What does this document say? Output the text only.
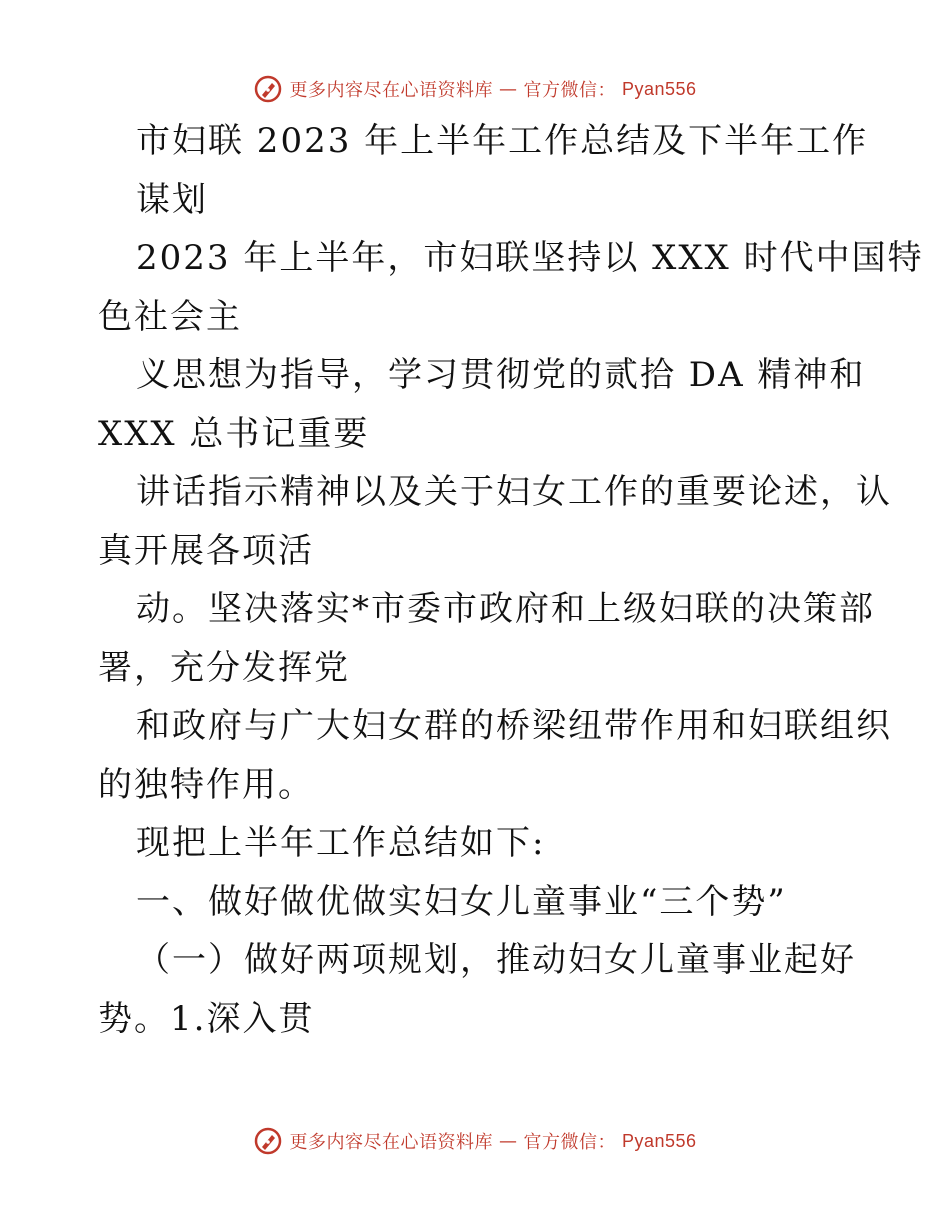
更多内容尽在心语资料库 — 官方微信： Pyan556
市妇联 2023 年上半年工作总结及下半年工作
谋划
2023 年上半年，市妇联坚持以 XXX 时代中国特
色社会主
义思想为指导，学习贯彻党的贰拾 DA 精神和
XXX 总书记重要
讲话指示精神以及关于妇女工作的重要论述，认
真开展各项活
动。坚决落实*市委市政府和上级妇联的决策部
署，充分发挥党
和政府与广大妇女群的桥梁纽带作用和妇联组织
的独特作用。
现把上半年工作总结如下:
一、做好做优做实妇女儿童事业“三个势”
（一）做好两项规划，推动妇女儿童事业起好
势。1.深入贯
更多内容尽在心语资料库 — 官方微信： Pyan556
